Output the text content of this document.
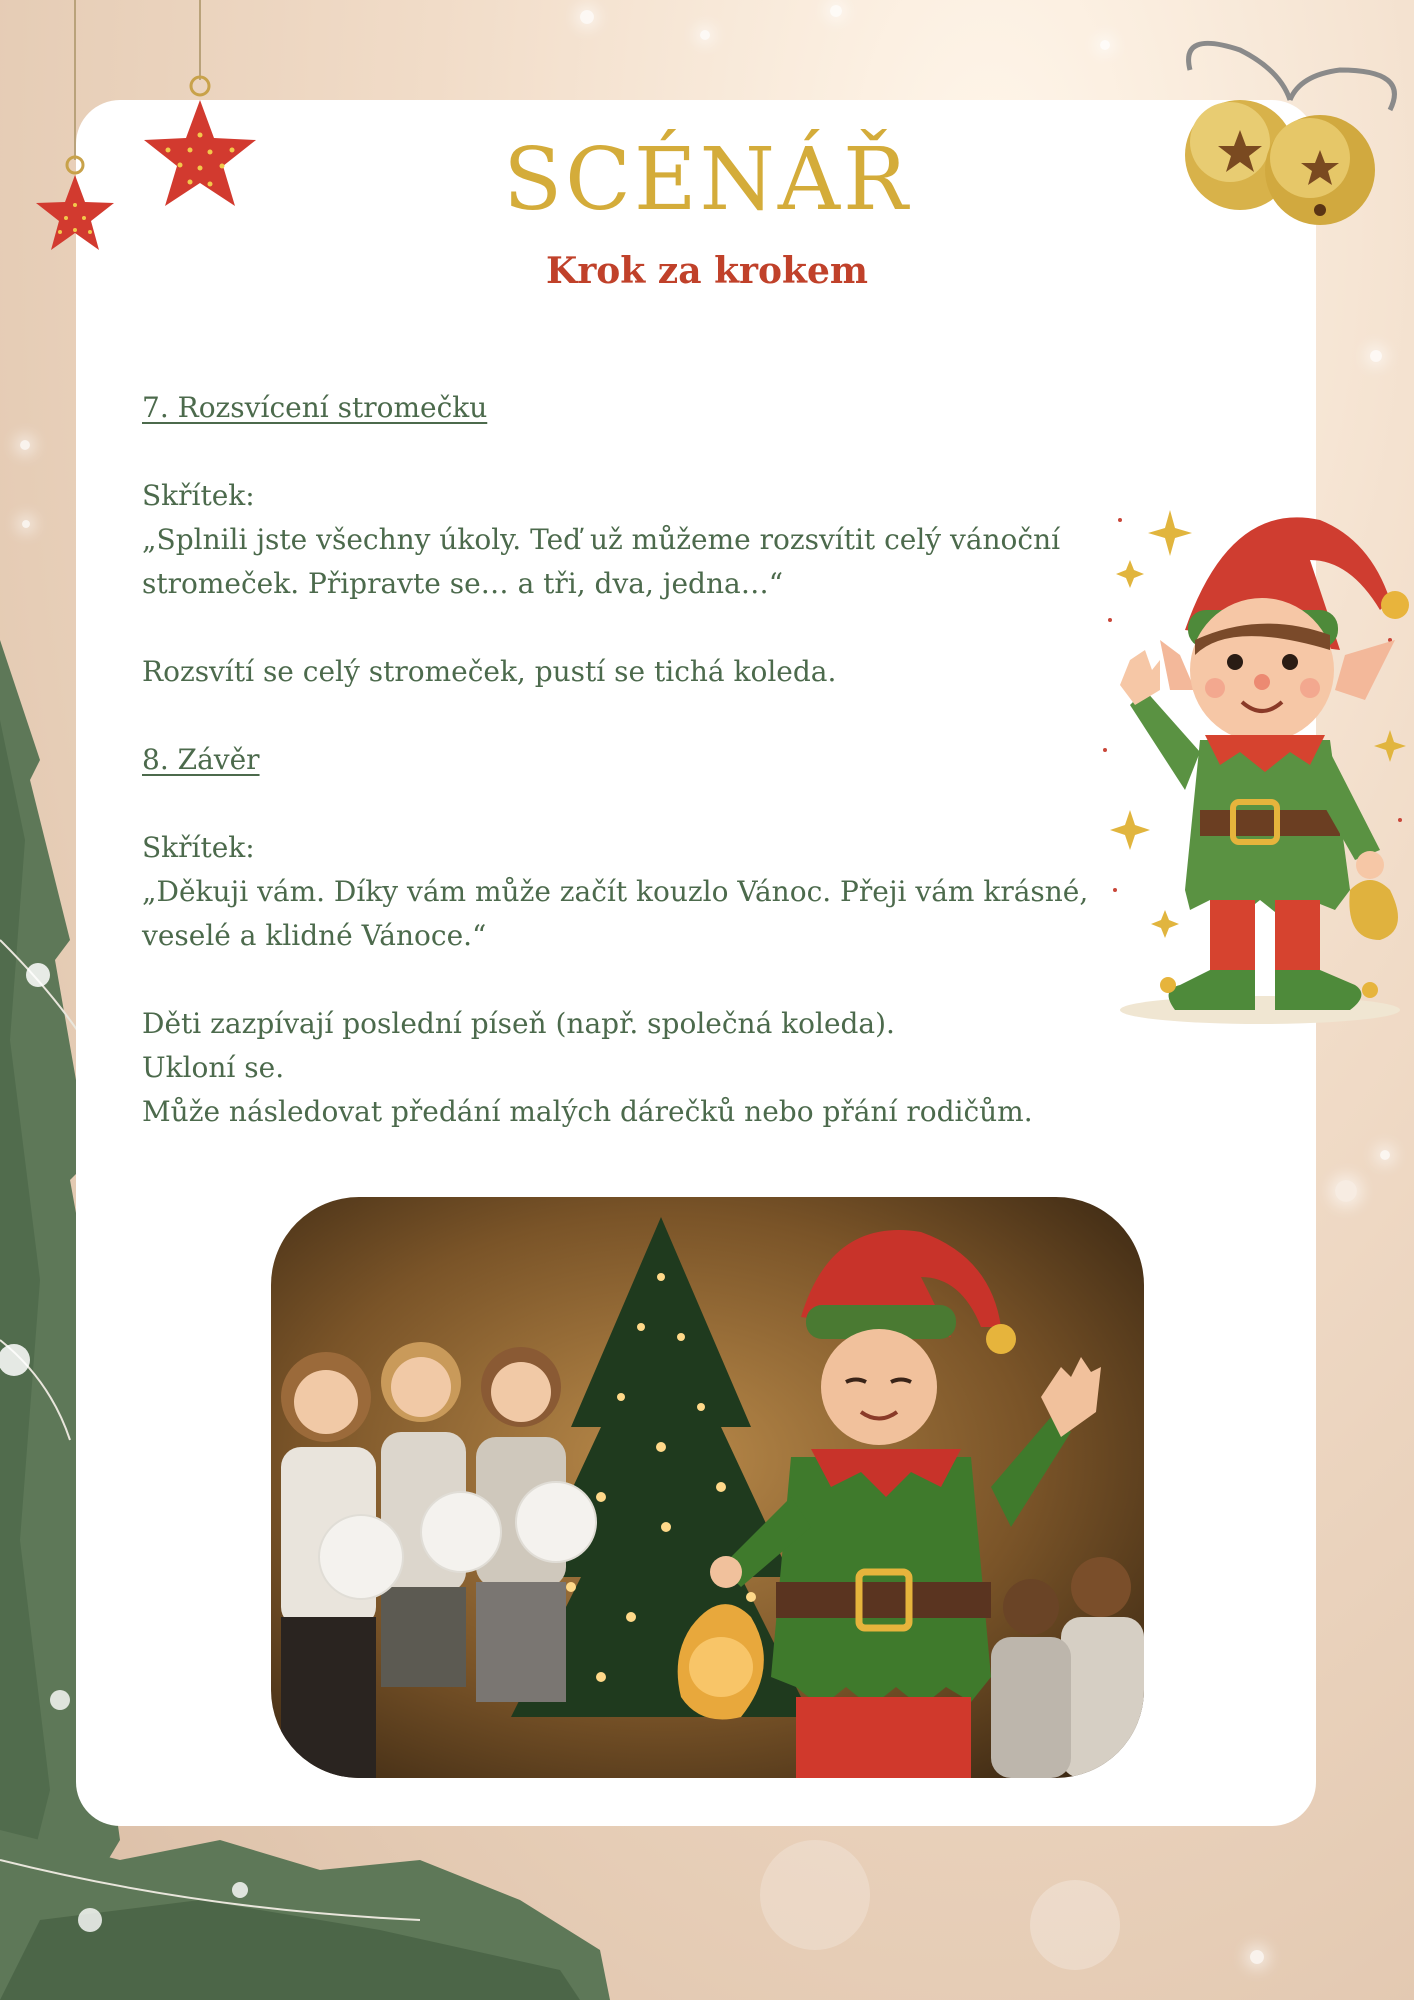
SCÉNÁŘ
Krok za krokem

7. Rozsvícení stromečku

Skřítek:

„Splnili jste všechny úkoly. Teď už můžeme rozsvítit celý vánoční

stromeček. Připravte se… a tři, dva, jedna…“

Rozsvítí se celý stromeček, pustí se tichá koleda.

8. Závěr

Skřítek:

„Děkuji vám. Díky vám může začít kouzlo Vánoc. Přeji vám krásné,

veselé a klidné Vánoce.“

Děti zazpívají poslední píseň (např. společná koleda).

Ukloní se.

Může následovat předání malých dárečků nebo přání rodičům.
